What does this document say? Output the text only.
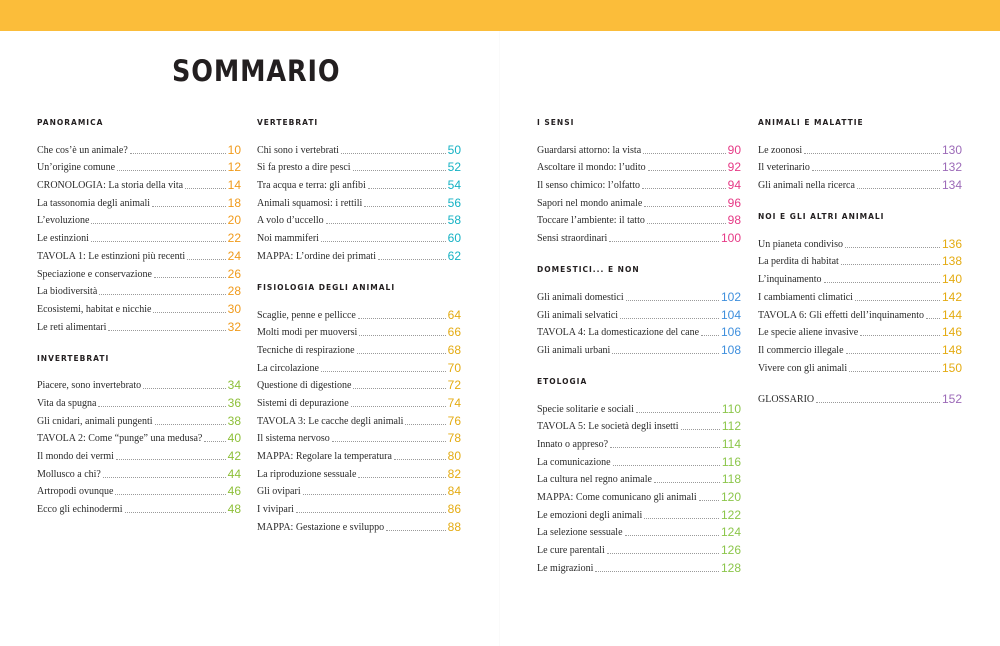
SOMMARIO
PANORAMICA
Che cos’è un animale?	10
Un’origine comune	12
CRONOLOGIA: La storia della vita	14
La tassonomia degli animali	18
L’evoluzione	20
Le estinzioni	22
TAVOLA 1: Le estinzioni più recenti	24
Speciazione e conservazione	26
La biodiversità	28
Ecosistemi, habitat e nicchie	30
Le reti alimentari	32
INVERTEBRATI
Piacere, sono invertebrato	34
Vita da spugna	36
Gli cnidari, animali pungenti	38
TAVOLA 2: Come “punge” una medusa? 40
Il mondo dei vermi	42
Mollusco a chi?	44
Artropodi ovunque	46
Ecco gli echinodermi	48
VERTEBRATI
Chi sono i vertebrati	50
Si fa presto a dire pesci	52
Tra acqua e terra: gli anfibi	54
Animali squamosi: i rettili	56
A volo d’uccello	58
Noi mammiferi	60
MAPPA: L’ordine dei primati	62
FISIOLOGIA DEGLI ANIMALI
Scaglie, penne e pellicce	64
Molti modi per muoversi	66
Tecniche di respirazione	68
La circolazione	70
Questione di digestione	72
Sistemi di depurazione	74
TAVOLA 3: Le cacche degli animali	76
Il sistema nervoso	78
MAPPA: Regolare la temperatura	80
La riproduzione sessuale	82
Gli ovipari	84
I vivipari	86
MAPPA: Gestazione e sviluppo	88
I SENSI
Guardarsi attorno: la vista	90
Ascoltare il mondo: l’udito	92
Il senso chimico: l’olfatto	94
Sapori nel mondo animale	96
Toccare l’ambiente: il tatto	98
Sensi straordinari	100
DOMESTICI... E NON
Gli animali domestici	102
Gli animali selvatici	104
TAVOLA 4: La domesticazione del cane 106
Gli animali urbani	108
ETOLOGIA
Specie solitarie e sociali	110
TAVOLA 5: Le società degli insetti	112
Innato o appreso?	114
La comunicazione	116
La cultura nel regno animale	118
MAPPA: Come comunicano gli animali 120
Le emozioni degli animali	122
La selezione sessuale	124
Le cure parentali	126
Le migrazioni	128
ANIMALI E MALATTIE
Le zoonosi	130
Il veterinario	132
Gli animali nella ricerca	134
NOI E GLI ALTRI ANIMALI
Un pianeta condiviso	136
La perdita di habitat	138
L’inquinamento	140
I cambiamenti climatici	142
TAVOLA 6: Gli effetti dell’inquinamento 144
Le specie aliene invasive	146
Il commercio illegale	148
Vivere con gli animali	150
GLOSSARIO	152
